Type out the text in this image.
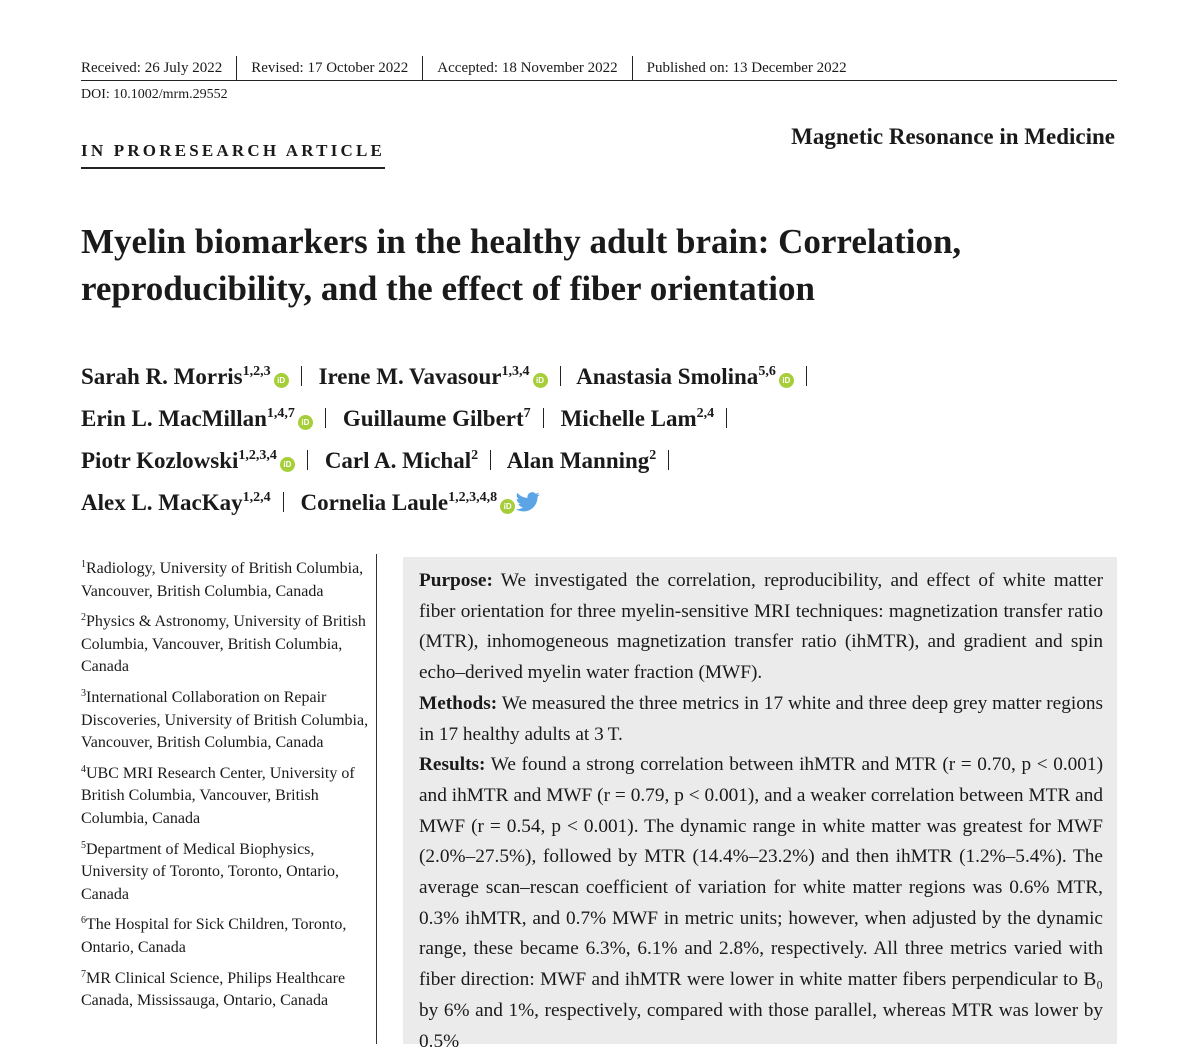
Received: 26 July 2022	Revised: 17 October 2022	Accepted: 18 November 2022	Published on: 13 December 2022
DOI: 10.1002/mrm.29552
IN PRORESEARCH ARTICLE
Magnetic Resonance in Medicine
Myelin biomarkers in the healthy adult brain: Correlation, reproducibility, and the effect of fiber orientation
Sarah R. Morris$^{1,2,3}$iD Irene M. Vavasour$^{1,3,4}$iD Anastasia Smolina$^{5,6}$iD
Erin L. MacMillan$^{1,4,7}$iD Guillaume Gilbert$^7$ Michelle Lam$^{2,4}$
Piotr Kozlowski$^{1,2,3,4}$iD Carl A. Michal$^2$ Alan Manning$^2$
Alex L. MacKay$^{1,2,4}$ Cornelia Laule$^{1,2,3,4,8}$iD
$^1$Radiology, University of British Columbia, Vancouver, British Columbia, Canada
$^2$Physics & Astronomy, University of British Columbia, Vancouver, British Columbia, Canada
$^3$International Collaboration on Repair Discoveries, University of British Columbia, Vancouver, British Columbia, Canada
$^4$UBC MRI Research Center, University of British Columbia, Vancouver, British Columbia, Canada
$^5$Department of Medical Biophysics, University of Toronto, Toronto, Ontario, Canada
$^6$The Hospital for Sick Children, Toronto, Ontario, Canada
$^7$MR Clinical Science, Philips Healthcare Canada, Mississauga, Ontario, Canada

Purpose: We investigated the correlation, reproducibility, and effect of white matter fiber orientation for three myelin-sensitive MRI techniques: magnetization transfer ratio (MTR), inhomogeneous magnetization transfer ratio (ihMTR), and gradient and spin echo–derived myelin water fraction (MWF).

Methods: We measured the three metrics in 17 white and three deep grey matter regions in 17 healthy adults at 3 T.

Results: We found a strong correlation between ihMTR and MTR (r = 0.70, p < 0.001) and ihMTR and MWF (r = 0.79, p < 0.001), and a weaker correlation between MTR and MWF (r = 0.54, p < 0.001). The dynamic range in white matter was greatest for MWF (2.0%–27.5%), followed by MTR (14.4%–23.2%) and then ihMTR (1.2%–5.4%). The average scan–rescan coefficient of variation for white matter regions was 0.6% MTR, 0.3% ihMTR, and 0.7% MWF in metric units; however, when adjusted by the dynamic range, these became 6.3%, 6.1% and 2.8%, respectively. All three metrics varied with fiber direction: MWF and ihMTR were lower in white matter fibers perpendicular to B₀ by 6% and 1%, respectively, compared with those parallel, whereas MTR was lower by 0.5%
